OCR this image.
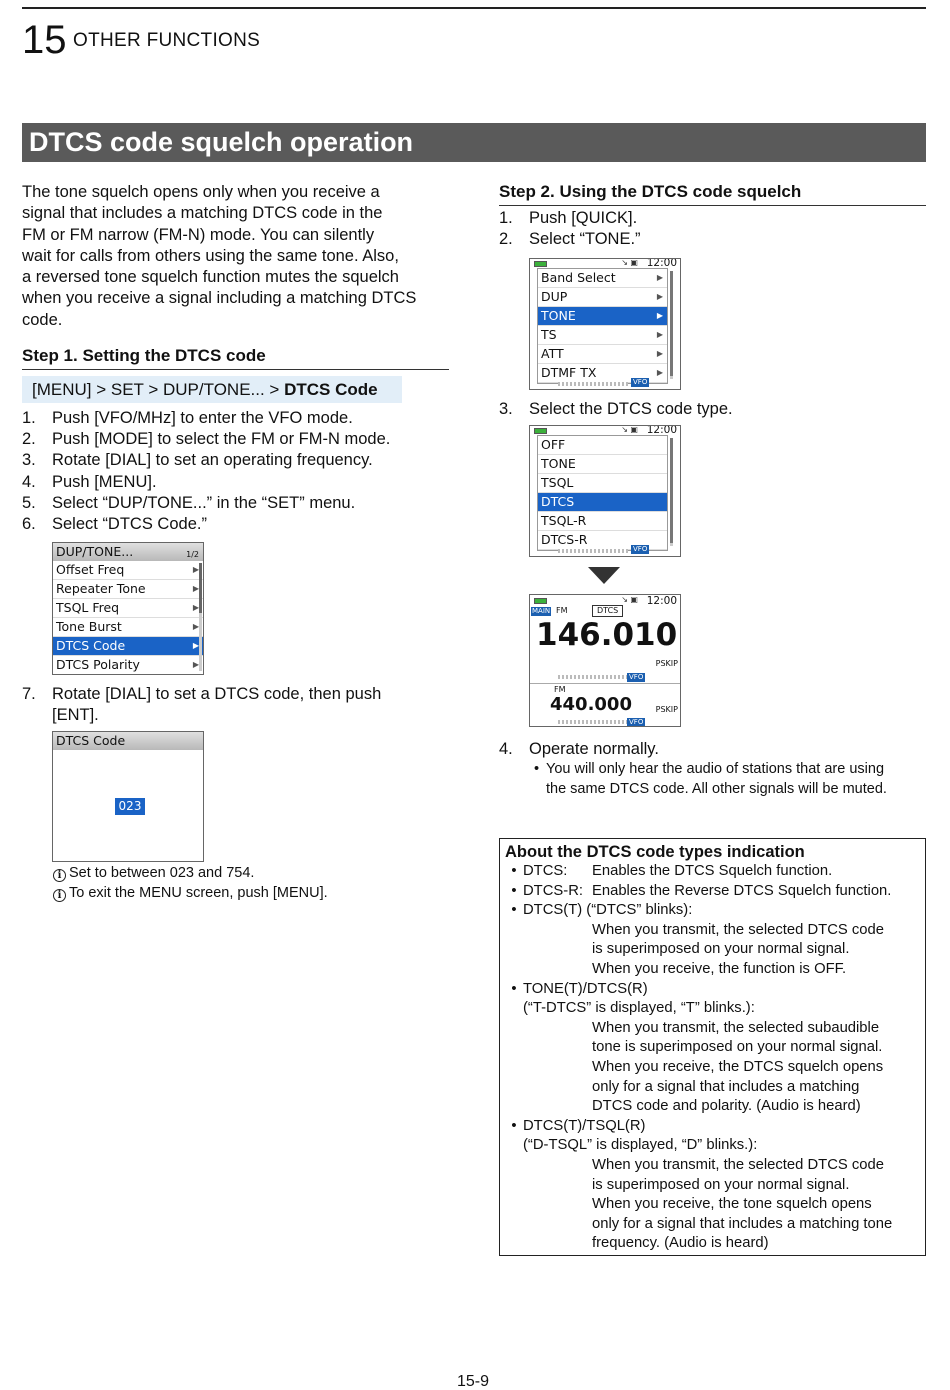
15 OTHER FUNCTIONS
DTCS code squelch operation
The tone squelch opens only when you receive a
signal that includes a matching DTCS code in the
FM or FM narrow (FM-N) mode. You can silently
wait for calls from others using the same tone. Also,
a reversed tone squelch function mutes the squelch
when you receive a signal including a matching DTCS
code.
Step 1. Setting the DTCS code
[MENU] > SET > DUP/TONE... > DTCS Code
1. Push [VFO/MHz] to enter the VFO mode.
2. Push [MODE] to select the FM or FM-N mode.
3. Rotate [DIAL] to set an operating frequency.
4. Push [MENU].
5. Select “DUP/TONE...” in the “SET” menu.
6. Select “DTCS Code.”
DUP/TONE...	1/2
Offset Freq	▶
Repeater Tone	▶
TSQL Freq	▶
Tone Burst	▶
DTCS Code	▶
DTCS Polarity	▶
7. Rotate [DIAL] to set a DTCS code, then push
[ENT].
DTCS Code
023
i Set to between 023 and 754.
i To exit the MENU screen, push [MENU].
Step 2. Using the DTCS code squelch
1. Push [QUICK].
2. Select “TONE.”
↘ ▣ 12:00
Band Select	▶
DUP	▶
TONE	▶
TS	▶
ATT	▶
DTMF TX	▶
VFO
3. Select the DTCS code type.
↘ ▣ 12:00
OFF
TONE
TSQL
DTCS
TSQL-R
DTCS-R
VFO
↘ ▣ 12:00
MAIN FM	DTCS
146.010
PSKIP
VFO
FM
440.000	PSKIP
VFO
4. Operate normally.
• You will only hear the audio of stations that are using
the same DTCS code. All other signals will be muted.
About the DTCS code types indication
• DTCS:	Enables the DTCS Squelch function.
• DTCS-R: Enables the Reverse DTCS Squelch function.
• DTCS(T) (“DTCS” blinks):
When you transmit, the selected DTCS code
is superimposed on your normal signal.
When you receive, the function is OFF.
• TONE(T)/DTCS(R)
(“T-DTCS” is displayed, “T” blinks.):
When you transmit, the selected subaudible
tone is superimposed on your normal signal.
When you receive, the DTCS squelch opens
only for a signal that includes a matching
DTCS code and polarity. (Audio is heard)
• DTCS(T)/TSQL(R)
(“D-TSQL” is displayed, “D” blinks.):
When you transmit, the selected DTCS code
is superimposed on your normal signal.
When you receive, the tone squelch opens
only for a signal that includes a matching tone
frequency. (Audio is heard)
15-9
